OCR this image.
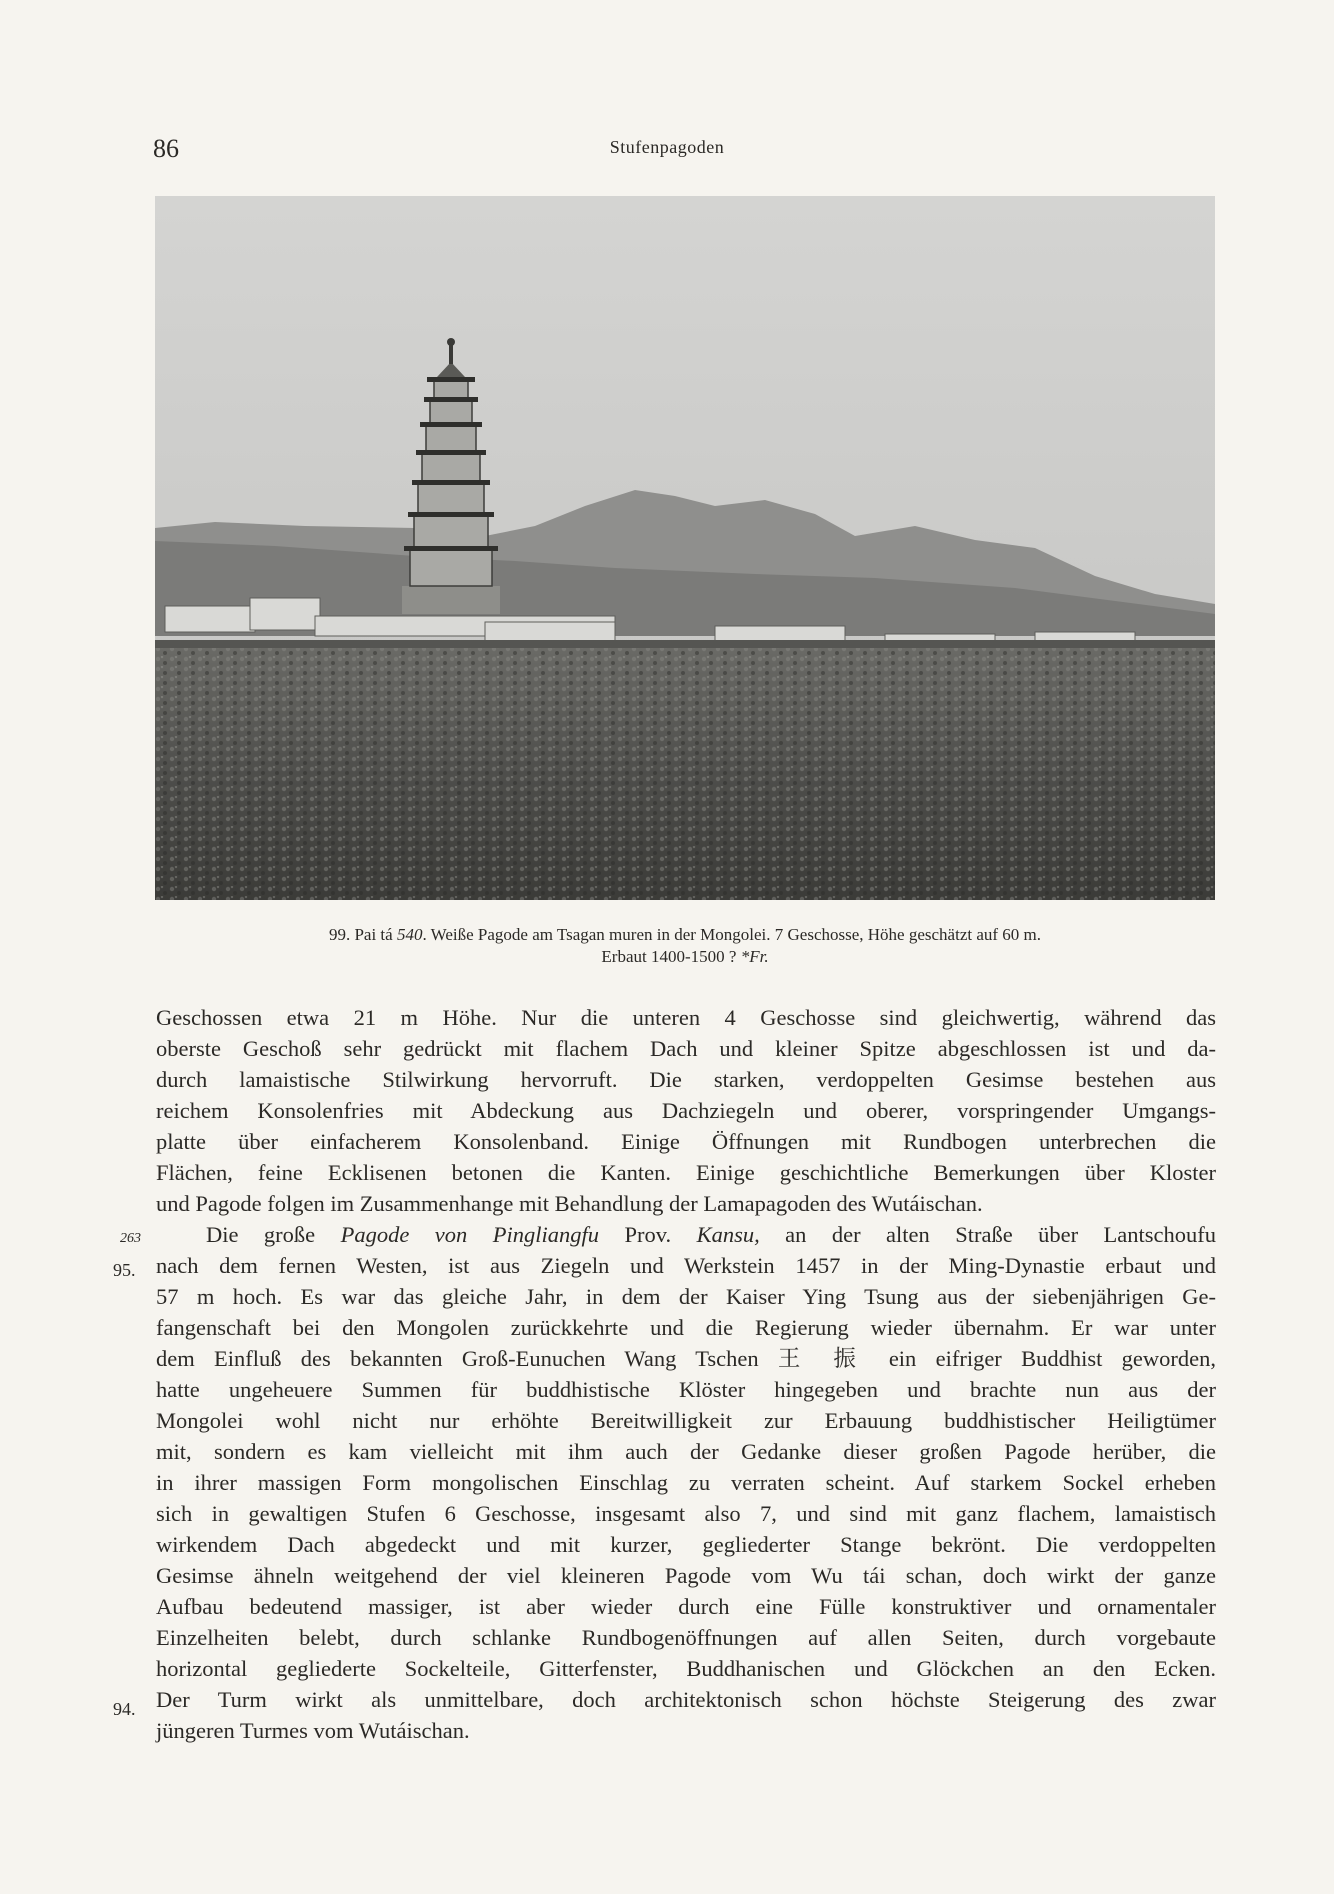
86	Stufenpagoden
99. Pai tá 540. Weiße Pagode am Tsagan muren in der Mongolei. 7 Geschosse, Höhe geschätzt auf 60 m.
Erbaut 1400-1500 ? *Fr.
263
95.
94.
Geschossen etwa 21 m Höhe. Nur die unteren 4 Geschosse sind gleichwertig, während das
oberste Geschoß sehr gedrückt mit flachem Dach und kleiner Spitze abgeschlossen ist und da-
durch lamaistische Stilwirkung hervorruft. Die starken, verdoppelten Gesimse bestehen aus
reichem Konsolenfries mit Abdeckung aus Dachziegeln und oberer, vorspringender Umgangs-
platte über einfacherem Konsolenband. Einige Öffnungen mit Rundbogen unterbrechen die
Flächen, feine Ecklisenen betonen die Kanten. Einige geschichtliche Bemerkungen über Kloster
und Pagode folgen im Zusammenhange mit Behandlung der Lamapagoden des Wutáischan.
Die große Pagode von Pingliangfu Prov. Kansu, an der alten Straße über Lantschoufu
nach dem fernen Westen, ist aus Ziegeln und Werkstein 1457 in der Ming-Dynastie erbaut und
57 m hoch. Es war das gleiche Jahr, in dem der Kaiser Ying Tsung aus der siebenjährigen Ge-
fangenschaft bei den Mongolen zurückkehrte und die Regierung wieder übernahm. Er war unter
dem Einfluß des bekannten Groß-Eunuchen Wang Tschen 王 振 ein eifriger Buddhist geworden,
hatte ungeheuere Summen für buddhistische Klöster hingegeben und brachte nun aus der
Mongolei wohl nicht nur erhöhte Bereitwilligkeit zur Erbauung buddhistischer Heiligtümer
mit, sondern es kam vielleicht mit ihm auch der Gedanke dieser großen Pagode herüber, die
in ihrer massigen Form mongolischen Einschlag zu verraten scheint. Auf starkem Sockel erheben
sich in gewaltigen Stufen 6 Geschosse, insgesamt also 7, und sind mit ganz flachem, lamaistisch
wirkendem Dach abgedeckt und mit kurzer, gegliederter Stange bekrönt. Die verdoppelten
Gesimse ähneln weitgehend der viel kleineren Pagode vom Wu tái schan, doch wirkt der ganze
Aufbau bedeutend massiger, ist aber wieder durch eine Fülle konstruktiver und ornamentaler
Einzelheiten belebt, durch schlanke Rundbogenöffnungen auf allen Seiten, durch vorgebaute
horizontal gegliederte Sockelteile, Gitterfenster, Buddhanischen und Glöckchen an den Ecken.
Der Turm wirkt als unmittelbare, doch architektonisch schon höchste Steigerung des zwar
jüngeren Turmes vom Wutáischan.
